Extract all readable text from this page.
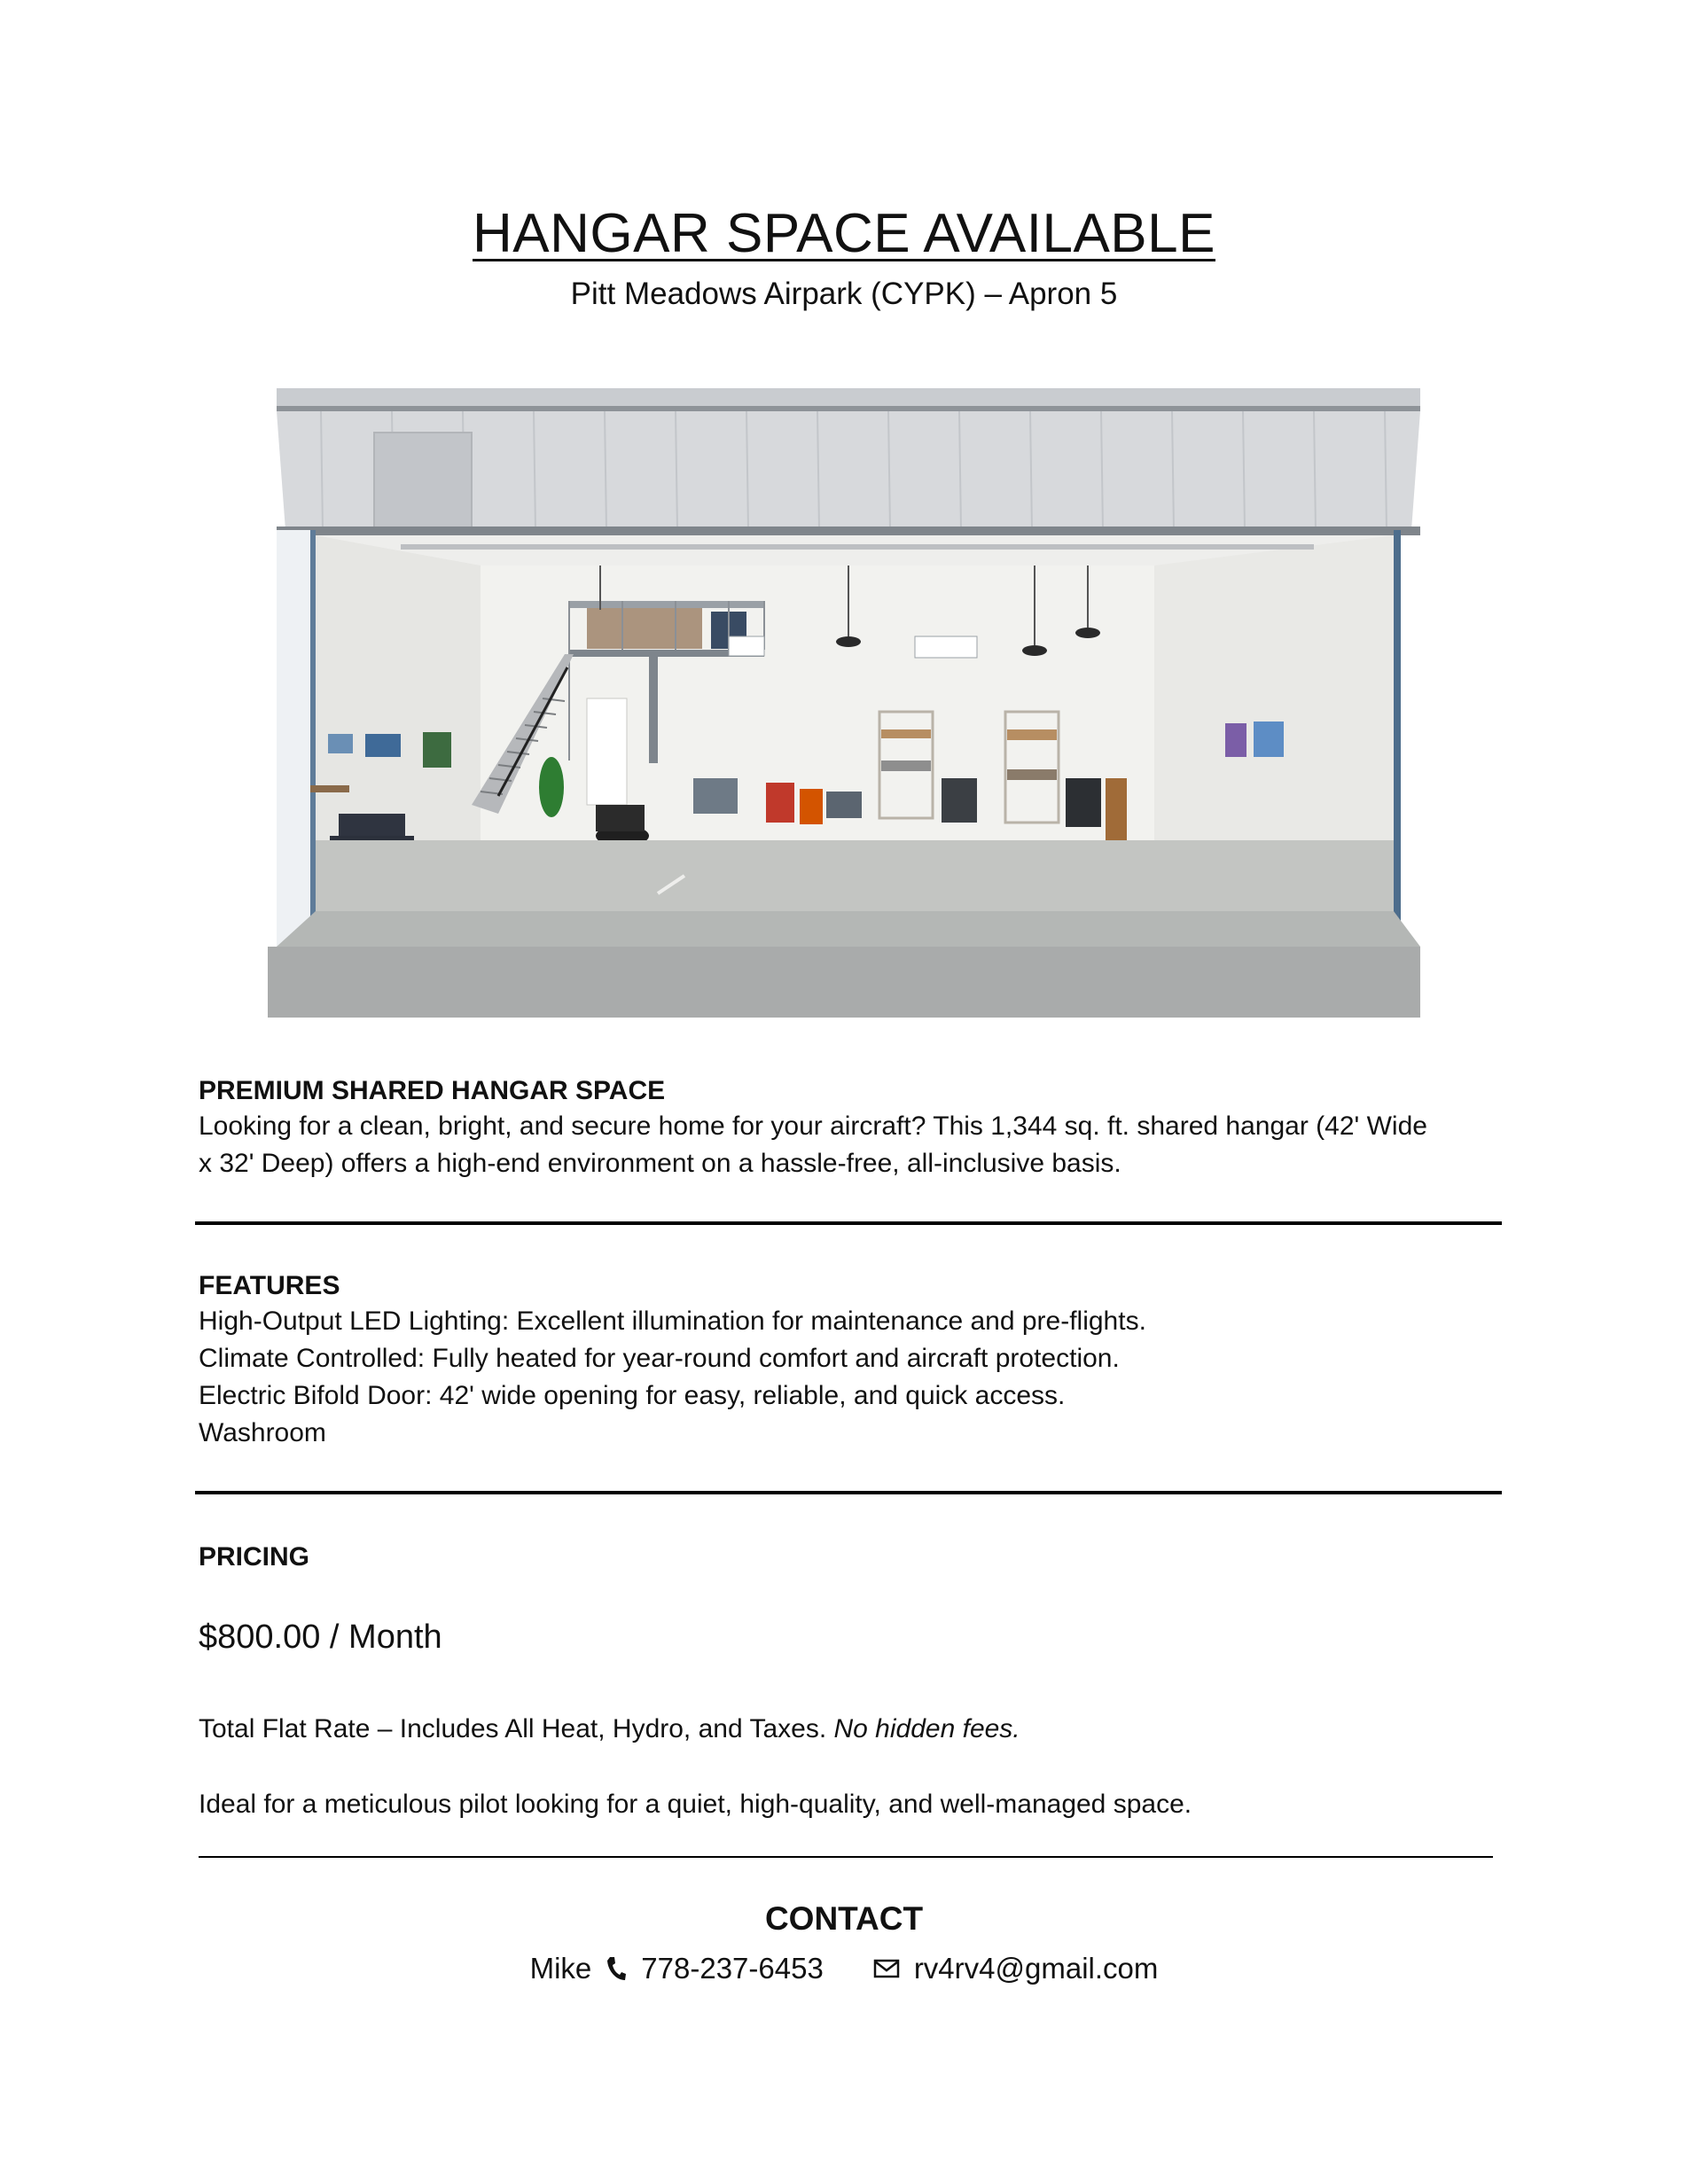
HANGAR SPACE AVAILABLE
Pitt Meadows Airpark (CYPK) – Apron 5
PREMIUM SHARED HANGAR SPACE
Looking for a clean, bright, and secure home for your aircraft? This 1,344 sq. ft. shared hangar (42' Wide
x 32' Deep) offers a high-end environment on a hassle-free, all-inclusive basis.
FEATURES
High-Output LED Lighting: Excellent illumination for maintenance and pre-flights.
Climate Controlled: Fully heated for year-round comfort and aircraft protection.
Electric Bifold Door: 42' wide opening for easy, reliable, and quick access.
Washroom
PRICING
$800.00 / Month
Total Flat Rate – Includes All Heat, Hydro, and Taxes. No hidden fees.
Ideal for a meticulous pilot looking for a quiet, high-quality, and well-managed space.
CONTACT
Mike 778-237-6453	rv4rv4@gmail.com
